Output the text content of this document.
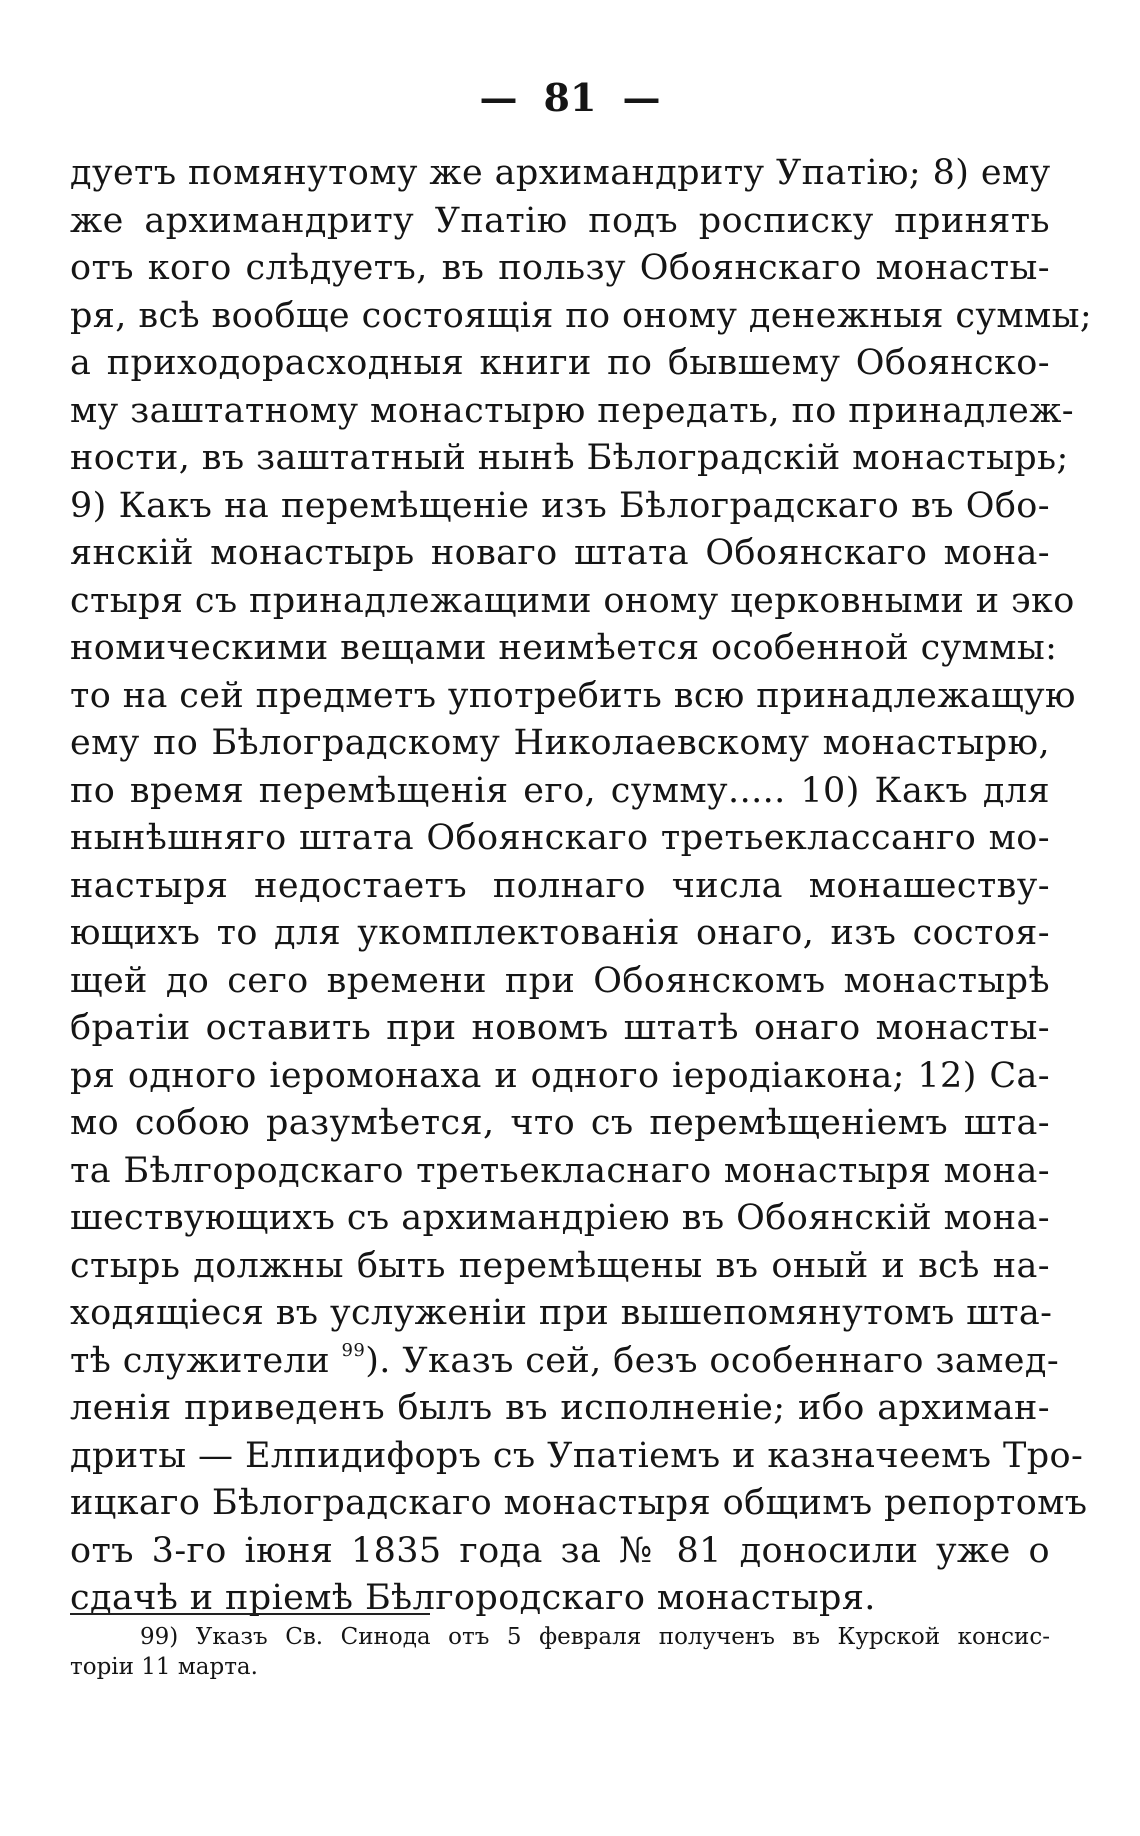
— 81 —
дуетъ помянутому же архимандриту Упатію; 8) ему
же архимандриту Упатію подъ росписку принять
отъ кого слѣдуетъ, въ пользу Обоянскаго монасты-
ря, всѣ вообще состоящія по оному денежныя суммы;
а приходорасходныя книги по бывшему Обоянско-
му заштатному монастырю передать, по принадлеж-
ности, въ заштатный нынѣ Бѣлоградскій монастырь;
9) Какъ на перемѣщеніе изъ Бѣлоградскаго въ Обо-
янскій монастырь новаго штата Обоянскаго мона-
стыря съ принадлежащими оному церковными и эко
номическими вещами неимѣется особенной суммы:
то на сей предметъ употребить всю принадлежащую
ему по Бѣлоградскому Николаевскому монастырю,
по время перемѣщенія его, сумму..... 10) Какъ для
нынѣшняго штата Обоянскаго третьеклассанго мо-
настыря недостаетъ полнаго числа монашеству-
ющихъ то для укомплектованія онаго, изъ состоя-
щей до сего времени при Обоянскомъ монастырѣ
братіи оставить при новомъ штатѣ онаго монасты-
ря одного іеромонаха и одного іеродіакона; 12) Са-
мо собою разумѣется, что съ перемѣщеніемъ шта-
та Бѣлгородскаго третьекласнаго монастыря мона-
шествующихъ съ архимандріею въ Обоянскій мона-
стырь должны быть перемѣщены въ оный и всѣ на-
ходящіеся въ услуженіи при вышепомянутомъ шта-
тѣ служители $^{99}$). Указъ сей, безъ особеннаго замед-
ленія приведенъ былъ въ исполненіе; ибо архиман-
дриты — Елпидифоръ съ Упатіемъ и казначеемъ Тро-
ицкаго Бѣлоградскаго монастыря общимъ репортомъ
отъ 3-го іюня 1835 года за № 81 доносили уже о
сдачѣ и пріемѣ Бѣлгородскаго монастыря.
99) Указъ Св. Синода отъ 5 февраля полученъ въ Курской консис-
торіи 11 марта.
